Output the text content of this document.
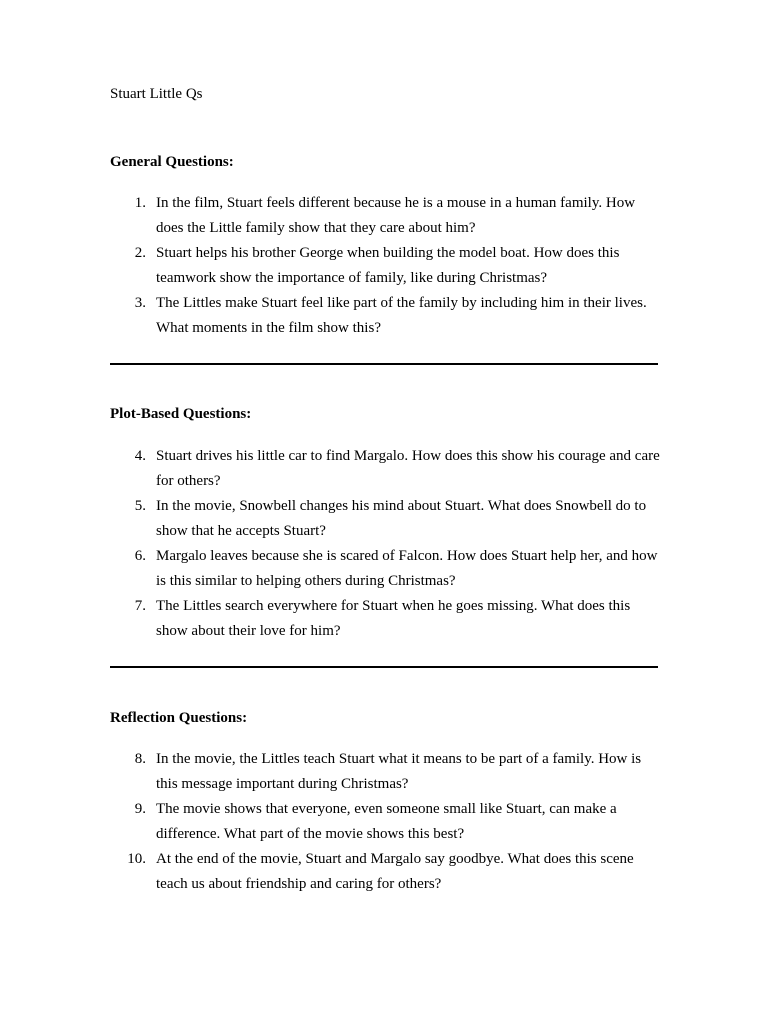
Stuart Little Qs
General Questions:
1. In the film, Stuart feels different because he is a mouse in a human family. How does the Little family show that they care about him?
2. Stuart helps his brother George when building the model boat. How does this teamwork show the importance of family, like during Christmas?
3. The Littles make Stuart feel like part of the family by including him in their lives. What moments in the film show this?
Plot-Based Questions:
4. Stuart drives his little car to find Margalo. How does this show his courage and care for others?
5. In the movie, Snowbell changes his mind about Stuart. What does Snowbell do to show that he accepts Stuart?
6. Margalo leaves because she is scared of Falcon. How does Stuart help her, and how is this similar to helping others during Christmas?
7. The Littles search everywhere for Stuart when he goes missing. What does this show about their love for him?
Reflection Questions:
8. In the movie, the Littles teach Stuart what it means to be part of a family. How is this message important during Christmas?
9. The movie shows that everyone, even someone small like Stuart, can make a difference. What part of the movie shows this best?
10. At the end of the movie, Stuart and Margalo say goodbye. What does this scene teach us about friendship and caring for others?
